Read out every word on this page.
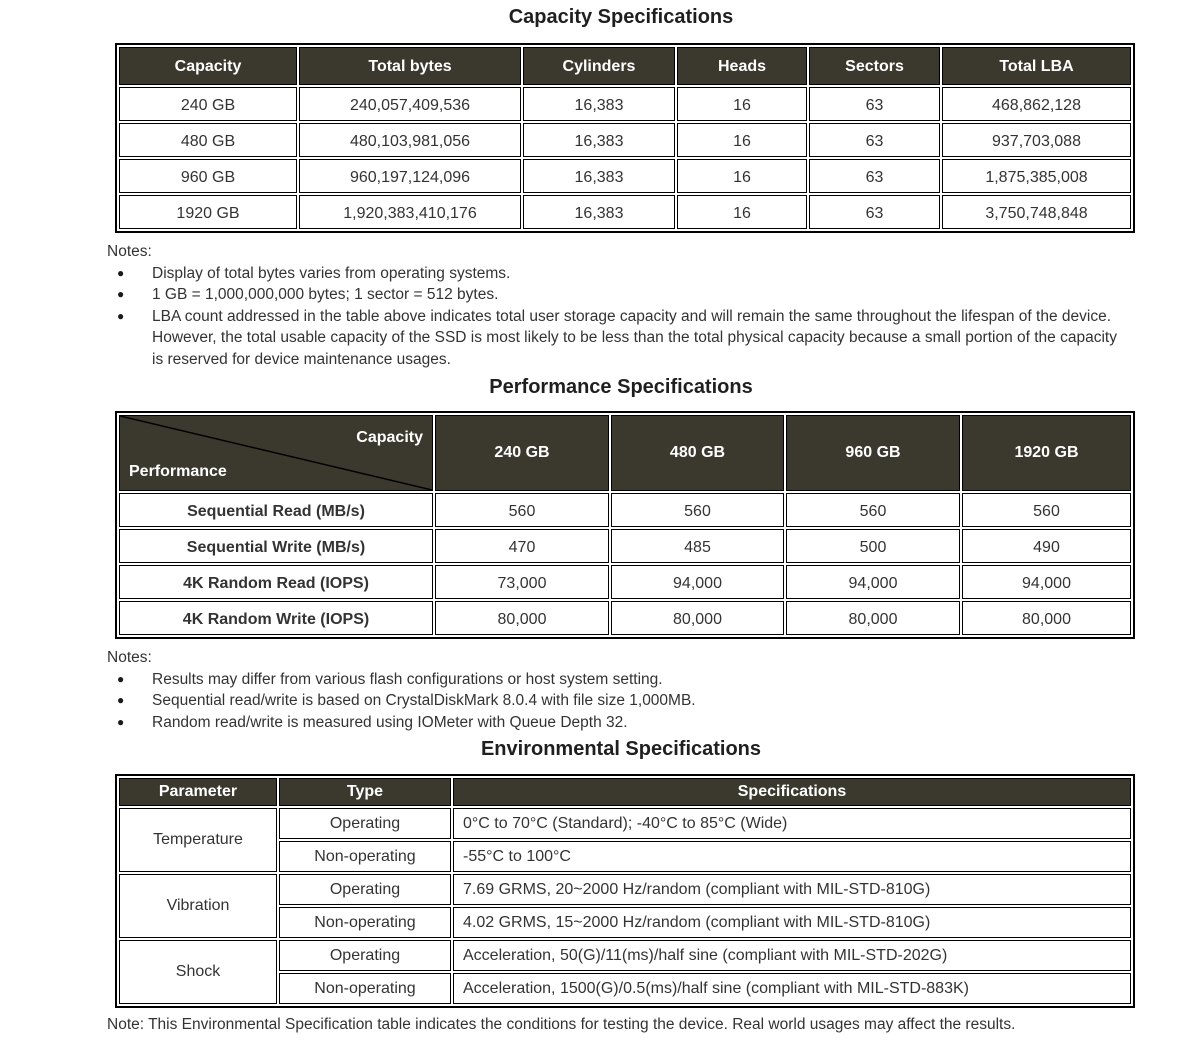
Capacity Specifications
Capacity	Total bytes	Cylinders	Heads	Sectors	Total LBA
240 GB	240,057,409,536	16,383	16	63	468,862,128
480 GB	480,103,981,056	16,383	16	63	937,703,088
960 GB	960,197,124,096	16,383	16	63	1,875,385,008
1920 GB	1,920,383,410,176	16,383	16	63	3,750,748,848
Notes:
● Display of total bytes varies from operating systems.
● 1 GB = 1,000,000,000 bytes; 1 sector = 512 bytes.
● LBA count addressed in the table above indicates total user storage capacity and will remain the same throughout the lifespan of the device. However, the total usable capacity of the SSD is most likely to be less than the total physical capacity because a small portion of the capacity is reserved for device maintenance usages.
Performance Specifications
Capacity
Performance	240 GB	480 GB	960 GB	1920 GB
Sequential Read (MB/s)	560	560	560	560
Sequential Write (MB/s)	470	485	500	490
4K Random Read (IOPS)	73,000	94,000	94,000	94,000
4K Random Write (IOPS)	80,000	80,000	80,000	80,000
Notes:
● Results may differ from various flash configurations or host system setting.
● Sequential read/write is based on CrystalDiskMark 8.0.4 with file size 1,000MB.
● Random read/write is measured using IOMeter with Queue Depth 32.
Environmental Specifications
Parameter	Type	Specifications
Temperature	Operating	0°C to 70°C (Standard); -40°C to 85°C (Wide)
	Non-operating	-55°C to 100°C
Vibration	Operating	7.69 GRMS, 20~2000 Hz/random (compliant with MIL-STD-810G)
	Non-operating	4.02 GRMS, 15~2000 Hz/random (compliant with MIL-STD-810G)
Shock	Operating	Acceleration, 50(G)/11(ms)/half sine (compliant with MIL-STD-202G)
	Non-operating	Acceleration, 1500(G)/0.5(ms)/half sine (compliant with MIL-STD-883K)
Note: This Environmental Specification table indicates the conditions for testing the device. Real world usages may affect the results.
